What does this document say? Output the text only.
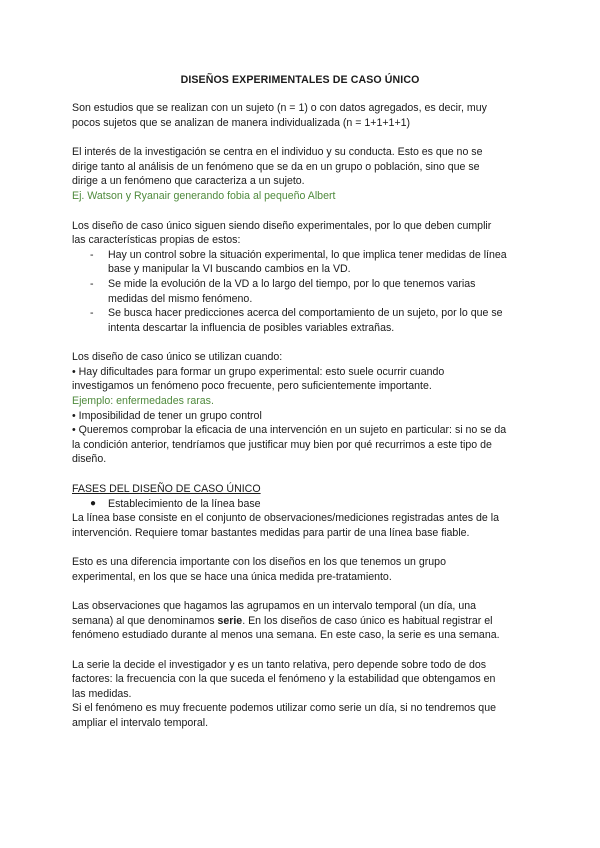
DISEÑOS EXPERIMENTALES DE CASO ÚNICO
Son estudios que se realizan con un sujeto (n = 1) o con datos agregados, es decir, muy
pocos sujetos que se analizan de manera individualizada (n = 1+1+1+1)
El interés de la investigación se centra en el individuo y su conducta. Esto es que no se
dirige tanto al análisis de un fenómeno que se da en un grupo o población, sino que se
dirige a un fenómeno que caracteriza a un sujeto.
Ej. Watson y Ryanair generando fobia al pequeño Albert
Los diseño de caso único siguen siendo diseño experimentales, por lo que deben cumplir
las características propias de estos:
- Hay un control sobre la situación experimental, lo que implica tener medidas de línea
base y manipular la VI buscando cambios en la VD.
- Se mide la evolución de la VD a lo largo del tiempo, por lo que tenemos varias
medidas del mismo fenómeno.
- Se busca hacer predicciones acerca del comportamiento de un sujeto, por lo que se
intenta descartar la influencia de posibles variables extrañas.
Los diseño de caso único se utilizan cuando:
• Hay dificultades para formar un grupo experimental: esto suele ocurrir cuando
investigamos un fenómeno poco frecuente, pero suficientemente importante.
Ejemplo: enfermedades raras.
• Imposibilidad de tener un grupo control
• Queremos comprobar la eficacia de una intervención en un sujeto en particular: si no se da
la condición anterior, tendríamos que justificar muy bien por qué recurrimos a este tipo de
diseño.
FASES DEL DISEÑO DE CASO ÚNICO
● Establecimiento de la línea base
La línea base consiste en el conjunto de observaciones/mediciones registradas antes de la
intervención. Requiere tomar bastantes medidas para partir de una línea base fiable.
Esto es una diferencia importante con los diseños en los que tenemos un grupo
experimental, en los que se hace una única medida pre-tratamiento.
Las observaciones que hagamos las agrupamos en un intervalo temporal (un día, una
semana) al que denominamos serie. En los diseños de caso único es habitual registrar el
fenómeno estudiado durante al menos una semana. En este caso, la serie es una semana.
La serie la decide el investigador y es un tanto relativa, pero depende sobre todo de dos
factores: la frecuencia con la que suceda el fenómeno y la estabilidad que obtengamos en
las medidas.
Si el fenómeno es muy frecuente podemos utilizar como serie un día, si no tendremos que
ampliar el intervalo temporal.
